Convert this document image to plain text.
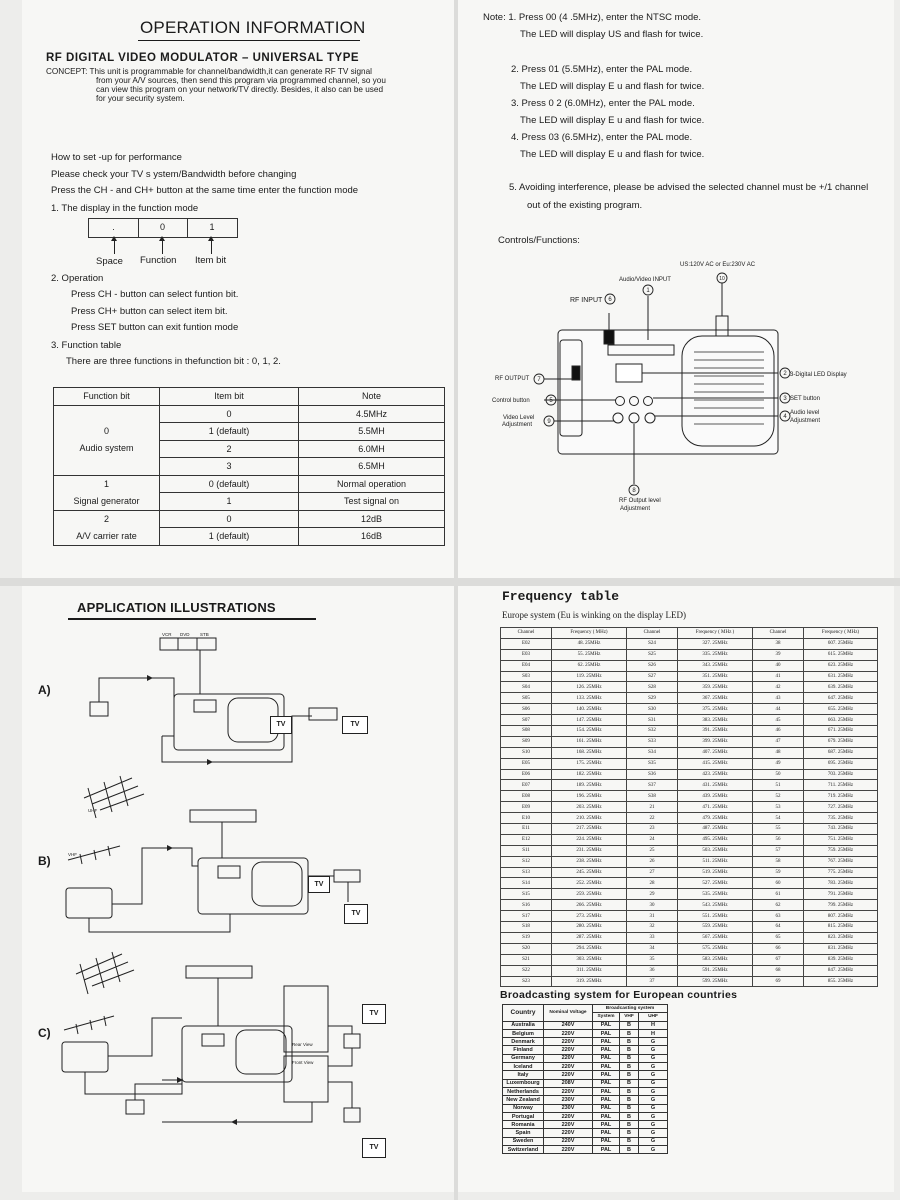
OPERATION INFORMATION
RF DIGITAL VIDEO MODULATOR – UNIVERSAL TYPE
CONCEPT: This unit is programmable for channel/bandwidth,it can generate RF TV signal
from your A/V sources, then send this program via programmed channel, so you
can view this program on your network/TV directly. Besides, it also can be used
for your security system.
How to set -up for performance
Please check your TV s ystem/Bandwidth before changing
Press the CH - and CH+ button at the same time enter the function mode
1. The display in the function mode
.	0	1
Space Function Item bit
2. Operation
Press CH - button can select funtion bit.
Press CH+ button can select item bit.
Press SET button can exit funtion mode
3. Function table
There are three functions in thefunction bit : 0, 1, 2.
Function bit	Item bit	Note

0
Audio system	0	4.5MHz
	1 (default)	5.5MH
	2	6.0MH
	3	6.5MH

1
Signal generator	0 (default)	Normal operation
	1	Test signal on

2
A/V carrier rate	0	12dB
	1 (default)	16dB
Note: 1. Press 00 (4 .5MHz), enter the NTSC mode.
The LED will display US and flash for twice.
2. Press 01 (5.5MHz), enter the PAL mode.
The LED will display E u and flash for twice.
3. Press 0 2 (6.0MHz), enter the PAL mode.
The LED will display E u and flash for twice.
4. Press 03 (6.5MHz), enter the PAL mode.
The LED will display E u and flash for twice.
5. Avoiding interference, please be advised the selected channel must be +/1 channel
out of the existing program.
Controls/Functions:
US:120V AC or Eu:230V AC
Audio/Video INPUT
RF INPUT
RF OUTPUT
Control button
Video Level
Adjustment
3-Digital LED Display
SET button
Audio level
Adjustment
RF Output level
Adjustment
1
2
3
4
5
6
7
8
9
10
APPLICATION ILLUSTRATIONS
A)
B)
C)
VCR DVD STB
UHF
VHF
Rear View
Front View
TV	TV
TV
TV
TV
TV
Frequency table
Europe system (Eu is winking on the display LED)
Channel	Frequency ( MHz)	Channel	Frequency ( MHz )	Channel	Frequency ( MHz)
E02	48. 25MHz	S24	327. 25MHz	38	607. 25MHz
E03	55. 25MHz	S25	335. 25MHz	39	615. 25MHz
E04	62. 25MHz	S26	343. 25MHz	40	623. 25MHz
S03	119. 25MHz	S27	351. 25MHz	41	631. 25MHz
S04	126. 25MHz	S28	359. 25MHz	42	639. 25MHz
S05	133. 25MHz	S29	367. 25MHz	43	647. 25MHz
S06	140. 25MHz	S30	375. 25MHz	44	655. 25MHz
S07	147. 25MHz	S31	383. 25MHz	45	663. 25MHz
S08	154. 25MHz	S32	391. 25MHz	46	671. 25MHz
S09	161. 25MHz	S33	399. 25MHz	47	679. 25MHz
S10	168. 25MHz	S34	407. 25MHz	48	687. 25MHz
E05	175. 25MHz	S35	415. 25MHz	49	695. 25MHz
E06	182. 25MHz	S36	423. 25MHz	50	703. 25MHz
E07	189. 25MHz	S37	431. 25MHz	51	711. 25MHz
E08	196. 25MHz	S38	439. 25MHz	52	719. 25MHz
E09	203. 25MHz	21	471. 25MHz	53	727. 25MHz
E10	210. 25MHz	22	479. 25MHz	54	735. 25MHz
E11	217. 25MHz	23	487. 25MHz	55	743. 25MHz
E12	224. 25MHz	24	495. 25MHz	56	751. 25MHz
S11	231. 25MHz	25	503. 25MHz	57	759. 25MHz
S12	238. 25MHz	26	511. 25MHz	58	767. 25MHz
S13	245. 25MHz	27	519. 25MHz	59	775. 25MHz
S14	252. 25MHz	28	527. 25MHz	60	783. 25MHz
S15	259. 25MHz	29	535. 25MHz	61	791. 25MHz
S16	266. 25MHz	30	543. 25MHz	62	799. 25MHz
S17	273. 25MHz	31	551. 25MHz	63	807. 25MHz
S18	280. 25MHz	32	559. 25MHz	64	815. 25MHz
S19	287. 25MHz	33	567. 25MHz	65	823. 25MHz
S20	294. 25MHz	34	575. 25MHz	66	831. 25MHz
S21	303. 25MHz	35	583. 25MHz	67	839. 25MHz
S22	311. 25MHz	36	591. 25MHz	68	847. 25MHz
S23	319. 25MHz	37	599. 25MHz	69	855. 25MHz
Broadcasting system for European countries
Country	Nominal Voltage	Broadcasting system		
		System	VHF	UHF
Australia	240V	PAL	B	H
Belgium	220V	PAL	B	H
Denmark	220V	PAL	B	G
Finland	220V	PAL	B	G
Germany	220V	PAL	B	G
Iceland	220V	PAL	B	G
Italy	220V	PAL	B	G
Luxembourg	208V	PAL	B	G
Netherlands	220V	PAL	B	G
New Zealand	230V	PAL	B	G
Norway	230V	PAL	B	G
Portugal	220V	PAL	B	G
Romania	220V	PAL	B	G
Spain	220V	PAL	B	G
Sweden	220V	PAL	B	G
Switzerland	220V	PAL	B	G
